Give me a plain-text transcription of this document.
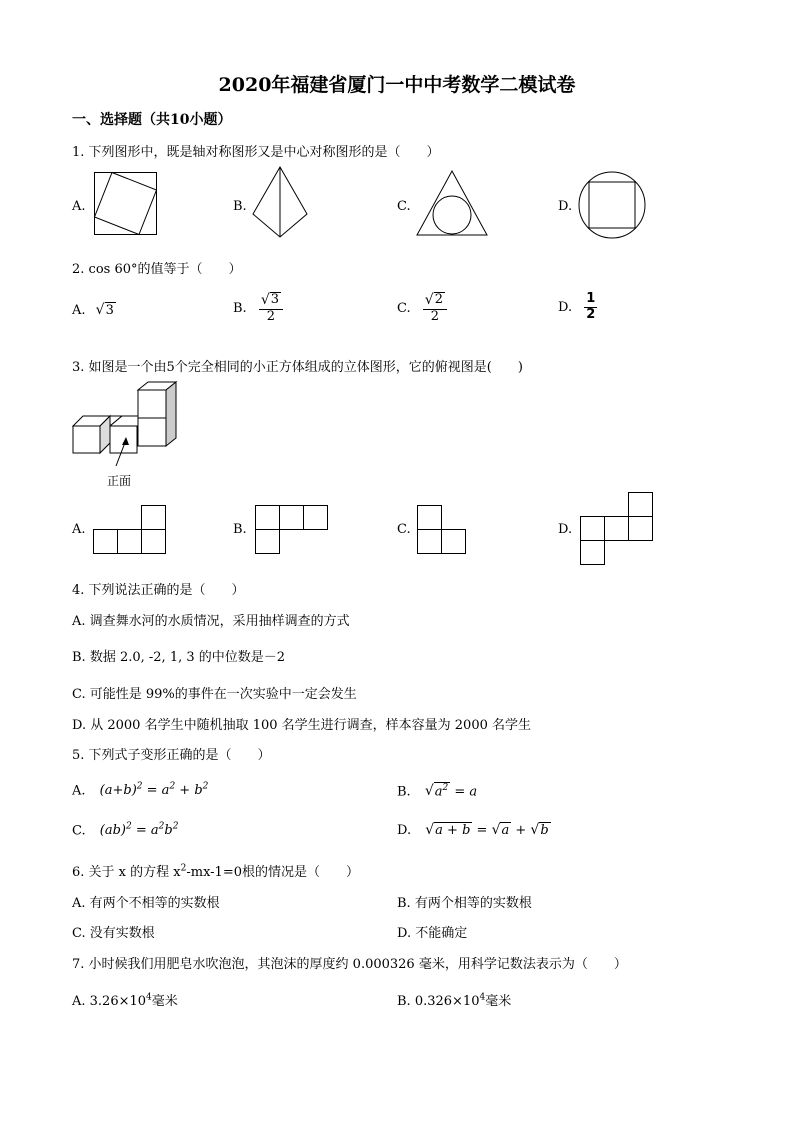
2020年福建省厦门一中中考数学二模试卷
一、选择题（共10小题）
1. 下列图形中，既是轴对称图形又是中心对称图形的是（　　）
A.	B.	C.	D.
2. cos 60°的值等于（　　）
A. √ 3	B. $\frac{√ 3}{2}$	C. $\frac{√ 2}{2}$	D. $\frac{1}{2}$
3. 如图是一个由5个完全相同的小正方体组成的立体图形，它的俯视图是(　　)
正面
A.	B.	C.	D.
4. 下列说法正确的是（　　）
A. 调查舞水河的水质情况，采用抽样调查的方式
B. 数据 2.0, -2, 1, 3 的中位数是－2
C. 可能性是 99%的事件在一次实验中一定会发生
D. 从 2000 名学生中随机抽取 100 名学生进行调查，样本容量为 2000 名学生
5. 下列式子变形正确的是（　　）
A. $(a+b)^2 = a^2 + b^2$	B. √ $a^2 = a$
C. $(ab)^2 = a^2b^2$	D. √ a + b = √ a + √ b
6. 关于 x 的方程 $x^2-mx-1=0$根的情况是（　　）
A. 有两个不相等的实数根	B. 有两个相等的实数根
C. 没有实数根	D. 不能确定
7. 小时候我们用肥皂水吹泡泡，其泡沫的厚度约 0.000326 毫米，用科学记数法表示为（　　）
A. $3.26\times 10^4$毫米	B. $0.326\times 10^4$毫米
